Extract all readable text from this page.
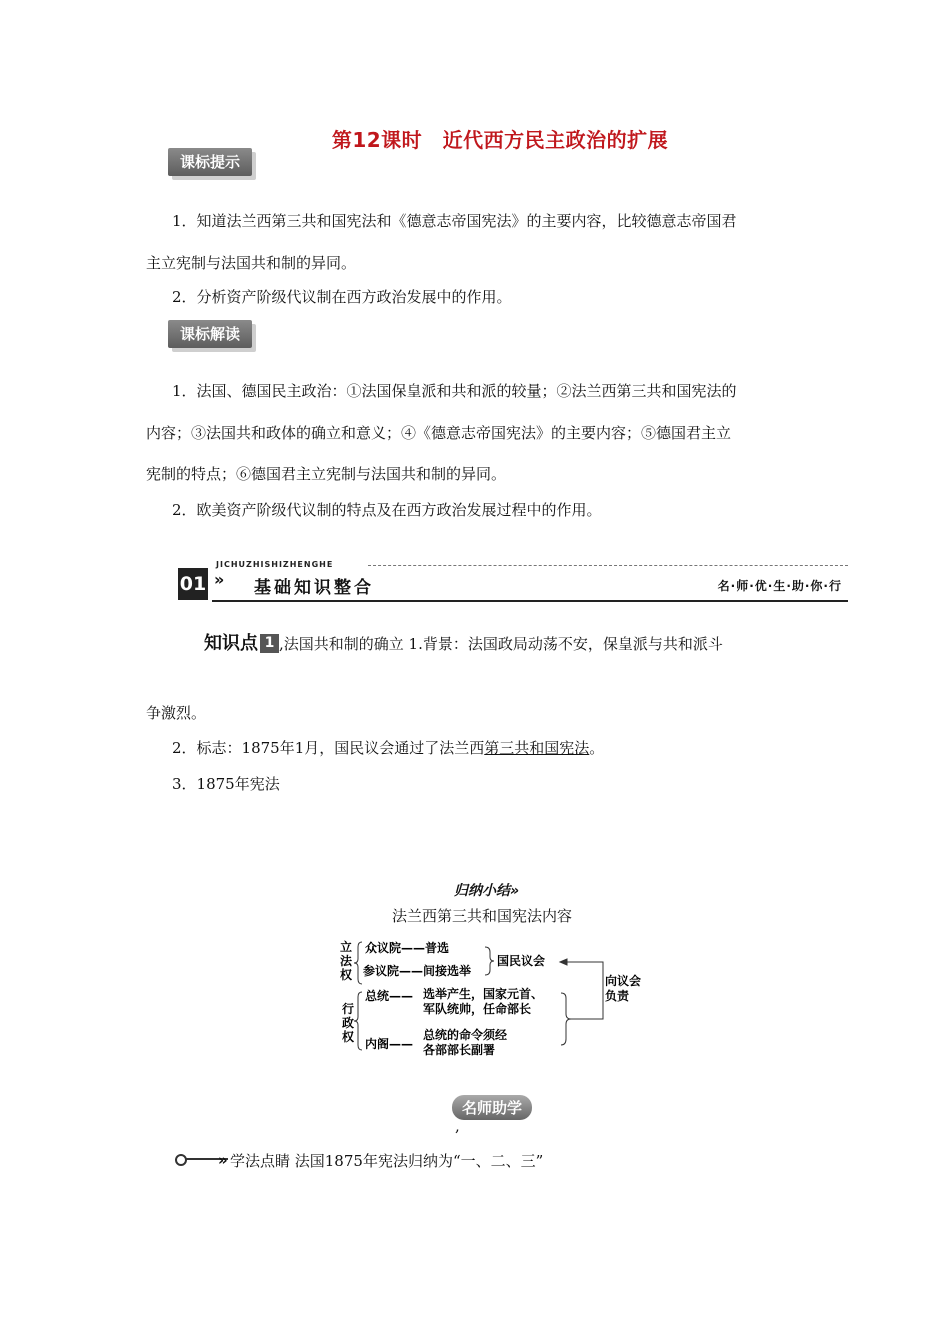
第12课时　近代西方民主政治的扩展
课标提示
1．知道法兰西第三共和国宪法和《德意志帝国宪法》的主要内容，比较德意志帝国君
主立宪制与法国共和制的异同。
2．分析资产阶级代议制在西方政治发展中的作用。
课标解读
1．法国、德国民主政治：①法国保皇派和共和派的较量；②法兰西第三共和国宪法的
内容；③法国共和政体的确立和意义；④《德意志帝国宪法》的主要内容；⑤德国君主立
宪制的特点；⑥德国君主立宪制与法国共和制的异同。
2．欧美资产阶级代议制的特点及在西方政治发展过程中的作用。
01
JICHUZHISHIZHENGHE
» 基础知识整合	名·师·优·生·助·你·行
知识点 1 ,法国共和制的确立 1.背景：法国政局动荡不安，保皇派与共和派斗
争激烈。
2．标志：1875年1月，国民议会通过了法兰西第三共和国宪法。
3．1875年宪法
归纳小结»
法兰西第三共和国宪法内容
立
法
权
众议院——普选
参议院——间接选举
国民议会
向议会
负责
行
政
权
总统—— 选举产生，国家元首、
军队统帅，任命部长
内阁——
总统的命令须经
各部部长副署
名师助学
,
» 学法点睛 法国1875年宪法归纳为“一、二、三”
